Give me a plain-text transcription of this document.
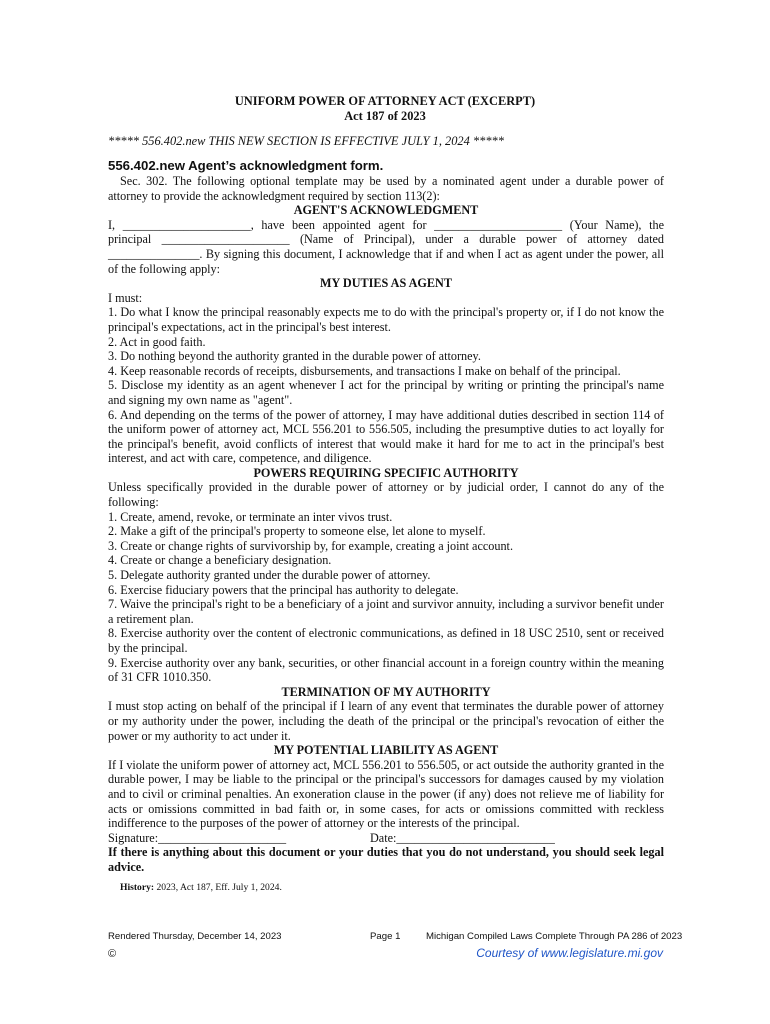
UNIFORM POWER OF ATTORNEY ACT (EXCERPT)
Act 187 of 2023
***** 556.402.new THIS NEW SECTION IS EFFECTIVE JULY 1, 2024 *****
556.402.new Agent’s acknowledgment form.

Sec. 302. The following optional template may be used by a nominated agent under a durable power of attorney to provide the acknowledgment required by section 113(2):

AGENT'S ACKNOWLEDGMENT

I, _____________________, have been appointed agent for _____________________ (Your Name), the principal _____________________ (Name of Principal), under a durable power of attorney dated _______________. By signing this document, I acknowledge that if and when I act as agent under the power, all of the following apply:

MY DUTIES AS AGENT

I must:

1. Do what I know the principal reasonably expects me to do with the principal's property or, if I do not know the principal's expectations, act in the principal's best interest.

2. Act in good faith.

3. Do nothing beyond the authority granted in the durable power of attorney.

4. Keep reasonable records of receipts, disbursements, and transactions I make on behalf of the principal.

5. Disclose my identity as an agent whenever I act for the principal by writing or printing the principal's name and signing my own name as "agent".

6. And depending on the terms of the power of attorney, I may have additional duties described in section 114 of the uniform power of attorney act, MCL 556.201 to 556.505, including the presumptive duties to act loyally for the principal's benefit, avoid conflicts of interest that would make it hard for me to act in the principal's best interest, and act with care, competence, and diligence.

POWERS REQUIRING SPECIFIC AUTHORITY

Unless specifically provided in the durable power of attorney or by judicial order, I cannot do any of the following:

1. Create, amend, revoke, or terminate an inter vivos trust.

2. Make a gift of the principal's property to someone else, let alone to myself.

3. Create or change rights of survivorship by, for example, creating a joint account.

4. Create or change a beneficiary designation.

5. Delegate authority granted under the durable power of attorney.

6. Exercise fiduciary powers that the principal has authority to delegate.

7. Waive the principal's right to be a beneficiary of a joint and survivor annuity, including a survivor benefit under a retirement plan.

8. Exercise authority over the content of electronic communications, as defined in 18 USC 2510, sent or received by the principal.

9. Exercise authority over any bank, securities, or other financial account in a foreign country within the meaning of 31 CFR 1010.350.

TERMINATION OF MY AUTHORITY

I must stop acting on behalf of the principal if I learn of any event that terminates the durable power of attorney or my authority under the power, including the death of the principal or the principal's revocation of either the power or my authority to act under it.

MY POTENTIAL LIABILITY AS AGENT

If I violate the uniform power of attorney act, MCL 556.201 to 556.505, or act outside the authority granted in the durable power, I may be liable to the principal or the principal's successors for damages caused by my violation and to civil or criminal penalties. An exoneration clause in the power (if any) does not relieve me of liability for acts or omissions committed in bad faith or, in some cases, for acts or omissions committed with reckless indifference to the purposes of the power of attorney or the interests of the principal.

Signature:_____________________	Date:__________________________

If there is anything about this document or your duties that you do not understand, you should seek legal advice.

History: 2023, Act 187, Eff. July 1, 2024.
Rendered Thursday, December 14, 2023	Page 1	Michigan Compiled Laws Complete Through PA 286 of 2023
©	Courtesy of www.legislature.mi.gov
